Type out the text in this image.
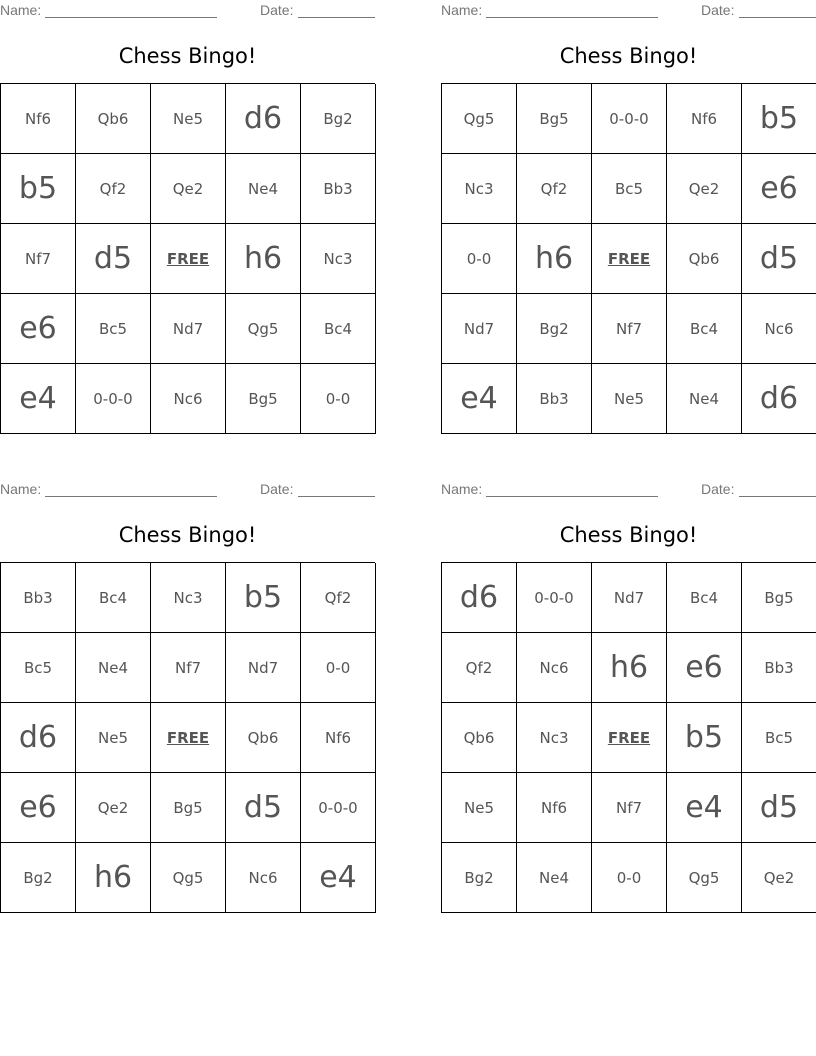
Name:	Date:
Chess Bingo!
Nf6	Qb6	Ne5	d6	Bg2
b5	Qf2	Qe2	Ne4	Bb3
Nf7	d5	FREE	h6	Nc3
e6	Bc5	Nd7	Qg5	Bc4
e4	0-0-0	Nc6	Bg5	0-0
Name:	Date:
Chess Bingo!
Qg5	Bg5	0-0-0	Nf6	b5
Nc3	Qf2	Bc5	Qe2	e6
0-0	h6	FREE	Qb6	d5
Nd7	Bg2	Nf7	Bc4	Nc6
e4	Bb3	Ne5	Ne4	d6
Name:	Date:
Chess Bingo!
Bb3	Bc4	Nc3	b5	Qf2
Bc5	Ne4	Nf7	Nd7	0-0
d6	Ne5	FREE	Qb6	Nf6
e6	Qe2	Bg5	d5	0-0-0
Bg2	h6	Qg5	Nc6	e4
Name:	Date:
Chess Bingo!
d6	0-0-0	Nd7	Bc4	Bg5
Qf2	Nc6	h6	e6	Bb3
Qb6	Nc3	FREE	b5	Bc5
Ne5	Nf6	Nf7	e4	d5
Bg2	Ne4	0-0	Qg5	Qe2
